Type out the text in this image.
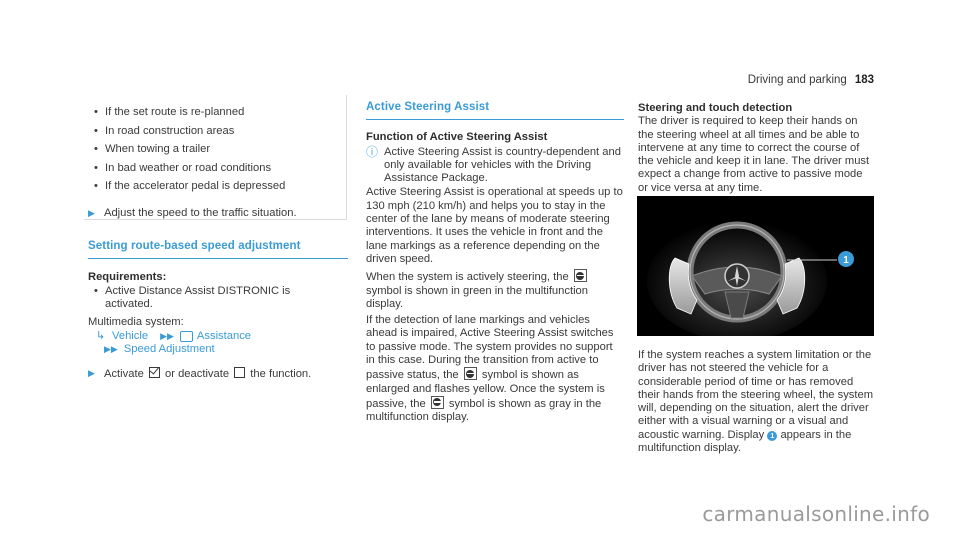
Driving and parking 183
• If the set route is re-planned
• In road construction areas
• When towing a trailer
• In bad weather or road conditions
• If the accelerator pedal is depressed
▶ Adjust the speed to the traffic situation.
Setting route-based speed adjustment
Requirements:
• Active Distance Assist DISTRONIC is activated.
Multimedia system:
↳ Vehicle ▶▶ Assistance
▶▶ Speed Adjustment
▶ Activate or deactivate the function.
Active Steering Assist
Function of Active Steering Assist
ⓘ Active Steering Assist is country-dependent and only available for vehicles with the Driving Assistance Package.

Active Steering Assist is operational at speeds up to 130 mph (210 km/h) and helps you to stay in the center of the lane by means of moderate steering interventions. It uses the vehicle in front and the lane markings as a reference depending on the driven speed.

When the system is actively steering, the  symbol is shown in green in the multifunction display.

If the detection of lane markings and vehicles ahead is impaired, Active Steering Assist switches to passive mode. The system provides no support in this case. During the transition from active to passive status, the symbol is shown as enlarged and flashes yellow. Once the system is passive, the symbol is shown as gray in the multifunction display.

Steering and touch detection

The driver is required to keep their hands on the steering wheel at all times and be able to intervene at any time to correct the course of the vehicle and keep it in lane. The driver must expect a change from active to passive mode or vice versa at any time.

1

If the system reaches a system limitation or the driver has not steered the vehicle for a considerable period of time or has removed their hands from the steering wheel, the system will, depending on the situation, alert the driver either with a visual warning or a visual and acoustic warning. Display 1 appears in the multifunction display.

carmanualsonline.info
